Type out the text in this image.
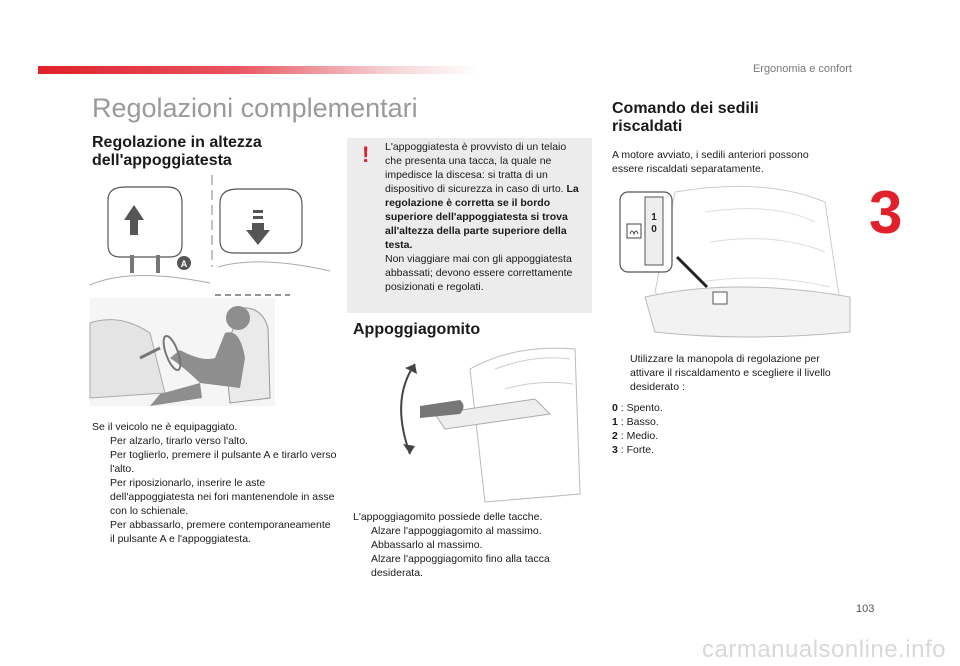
Ergonomia e confort
3
Regolazioni complementari
Regolazione in altezza
dell'appoggiatesta
A
Se il veicolo ne è equipaggiato.
Per alzarlo, tirarlo verso l'alto.
Per toglierlo, premere il pulsante A e tirarlo verso l'alto.
Per riposizionarlo, inserire le aste dell'appoggiatesta nei fori mantenendole in asse con lo schienale.
Per abbassarlo, premere contemporaneamente il pulsante A e l'appoggiatesta.
! L'appoggiatesta è provvisto di un telaio che presenta una tacca, la quale ne impedisce la discesa: si tratta di un dispositivo di sicurezza in caso di urto. La regolazione è corretta se il bordo superiore dell'appoggiatesta si trova all'altezza della parte superiore della testa.
Non viaggiare mai con gli appoggiatesta abbassati; devono essere correttamente posizionati e regolati.
Appoggiagomito
L'appoggiagomito possiede delle tacche.
Alzare l'appoggiagomito al massimo.
Abbassarlo al massimo.
Alzare l'appoggiagomito fino alla tacca desiderata.
Comando dei sedili
riscaldati
A motore avviato, i sedili anteriori possono essere riscaldati separatamente.
1
0
Utilizzare la manopola di regolazione per attivare il riscaldamento e scegliere il livello desiderato :
0 : Spento.
1 : Basso.
2 : Medio.
3 : Forte.
103
carmanualsonline.info
